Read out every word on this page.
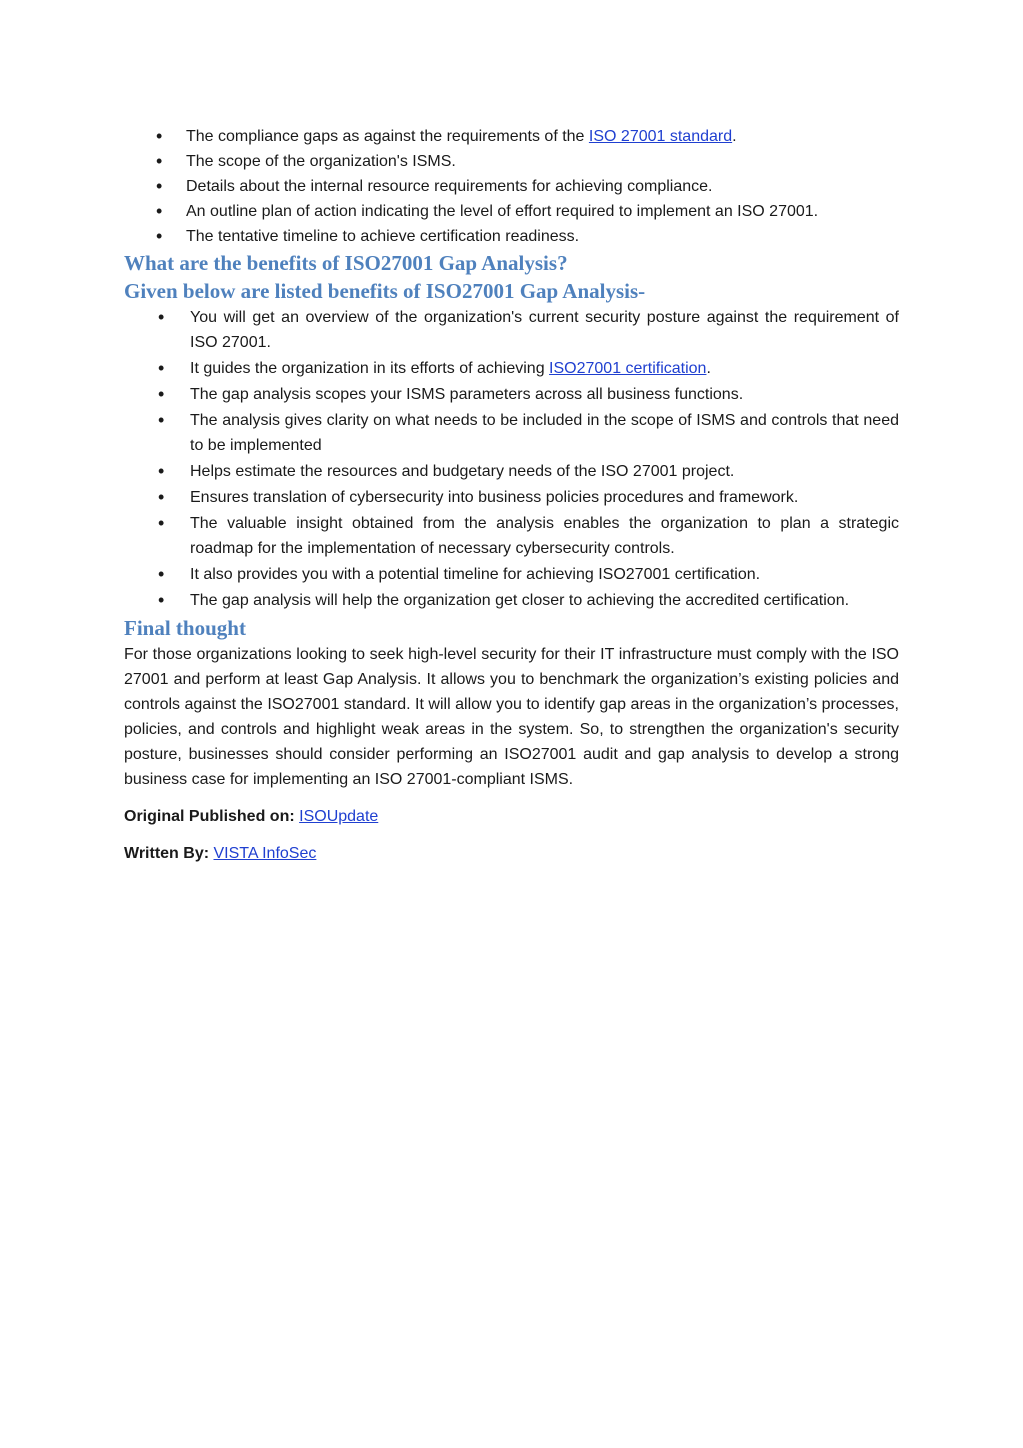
• The compliance gaps as against the requirements of the ISO 27001 standard.
• The scope of the organization's ISMS.
• Details about the internal resource requirements for achieving compliance.
• An outline plan of action indicating the level of effort required to implement an ISO 27001.
• The tentative timeline to achieve certification readiness.
What are the benefits of ISO27001 Gap Analysis?
Given below are listed benefits of ISO27001 Gap Analysis-
• You will get an overview of the organization's current security posture against the requirement of ISO 27001.
• It guides the organization in its efforts of achieving ISO27001 certification.
• The gap analysis scopes your ISMS parameters across all business functions.
• The analysis gives clarity on what needs to be included in the scope of ISMS and controls that need to be implemented
• Helps estimate the resources and budgetary needs of the ISO 27001 project.
• Ensures translation of cybersecurity into business policies procedures and framework.
• The valuable insight obtained from the analysis enables the organization to plan a strategic roadmap for the implementation of necessary cybersecurity controls.
• It also provides you with a potential timeline for achieving ISO27001 certification.
• The gap analysis will help the organization get closer to achieving the accredited certification.
Final thought

For those organizations looking to seek high-level security for their IT infrastructure must comply with the ISO 27001 and perform at least Gap Analysis. It allows you to benchmark the organization’s existing policies and controls against the ISO27001 standard. It will allow you to identify gap areas in the organization’s processes, policies, and controls and highlight weak areas in the system. So, to strengthen the organization's security posture, businesses should consider performing an ISO27001 audit and gap analysis to develop a strong business case for implementing an ISO 27001-compliant ISMS.

Original Published on: ISOUpdate

Written By: VISTA InfoSec
